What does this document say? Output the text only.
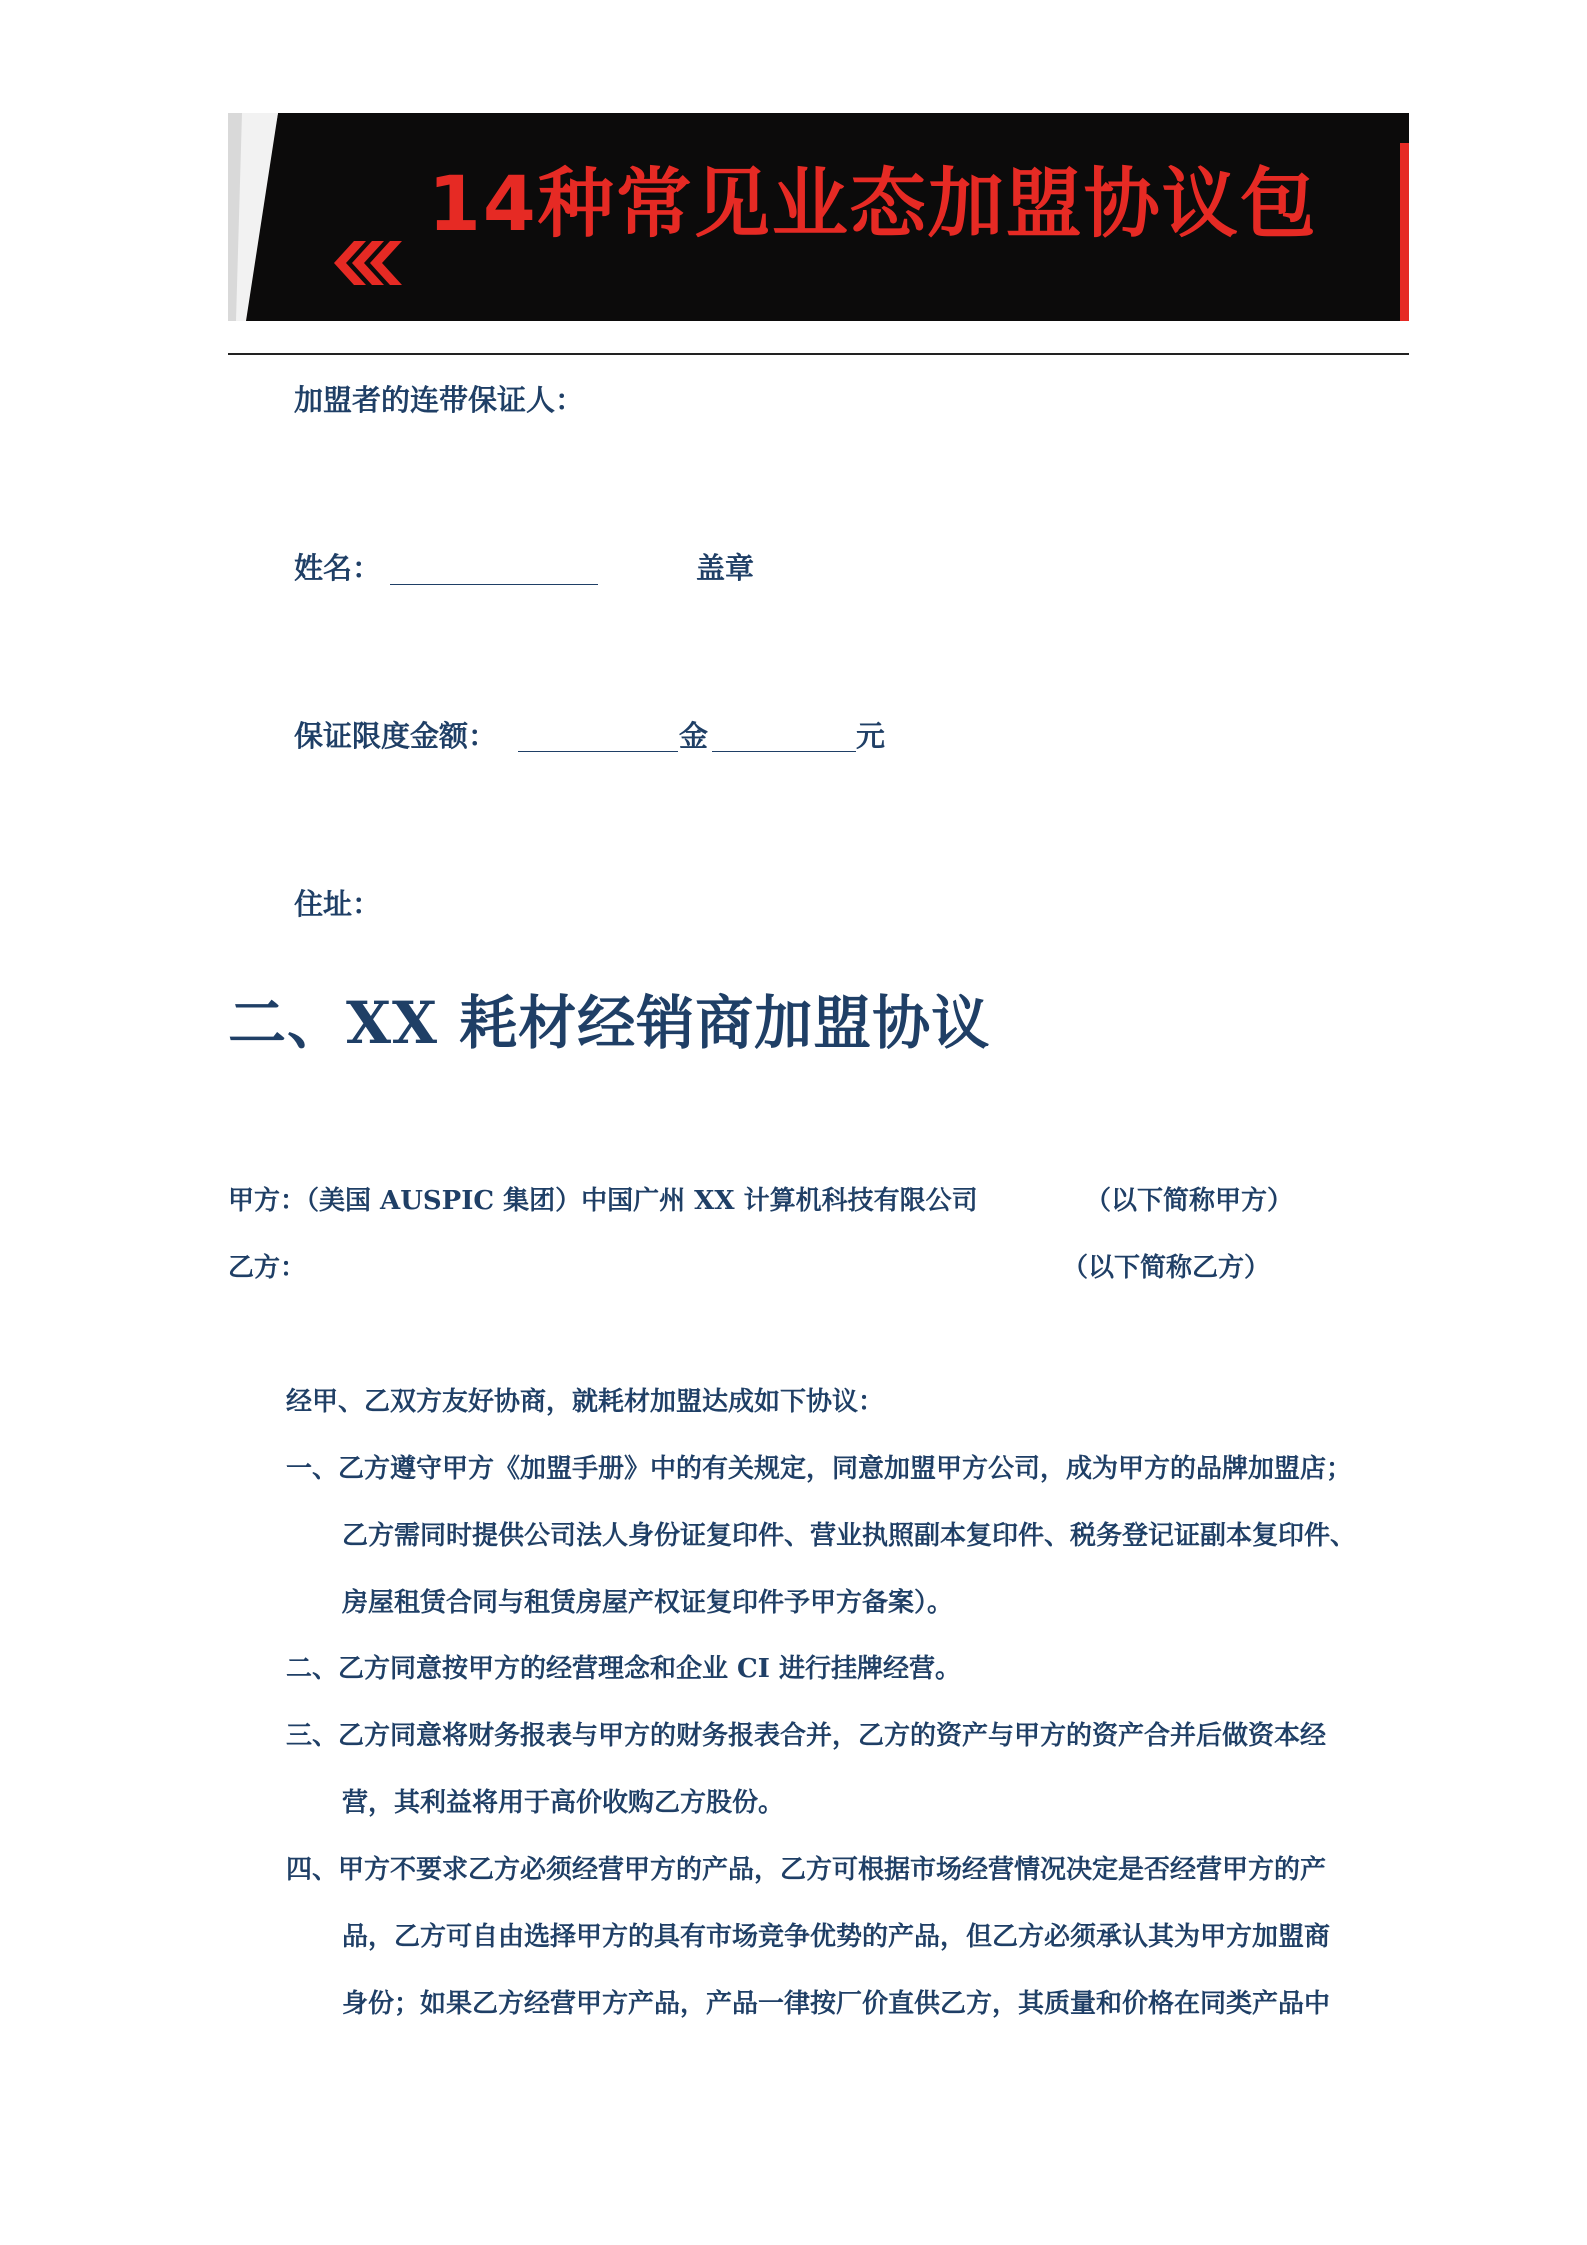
14种常见业态加盟协议包
加盟者的连带保证人：
姓名：	盖章
保证限度金额：	金	元
住址：
二、XX 耗材经销商加盟协议
甲方：（美国 AUSPIC 集团）中国广州 XX 计算机科技有限公司	（以下简称甲方）
乙方：	（以下简称乙方）
经甲、乙双方友好协商，就耗材加盟达成如下协议：
一、乙方遵守甲方《加盟手册》中的有关规定，同意加盟甲方公司，成为甲方的品牌加盟店；
乙方需同时提供公司法人身份证复印件、营业执照副本复印件、税务登记证副本复印件、
房屋租赁合同与租赁房屋产权证复印件予甲方备案）。
二、乙方同意按甲方的经营理念和企业 CI 进行挂牌经营。
三、乙方同意将财务报表与甲方的财务报表合并，乙方的资产与甲方的资产合并后做资本经
营，其利益将用于高价收购乙方股份。
四、甲方不要求乙方必须经营甲方的产品，乙方可根据市场经营情况决定是否经营甲方的产
品，乙方可自由选择甲方的具有市场竞争优势的产品，但乙方必须承认其为甲方加盟商
身份；如果乙方经营甲方产品，产品一律按厂价直供乙方，其质量和价格在同类产品中
